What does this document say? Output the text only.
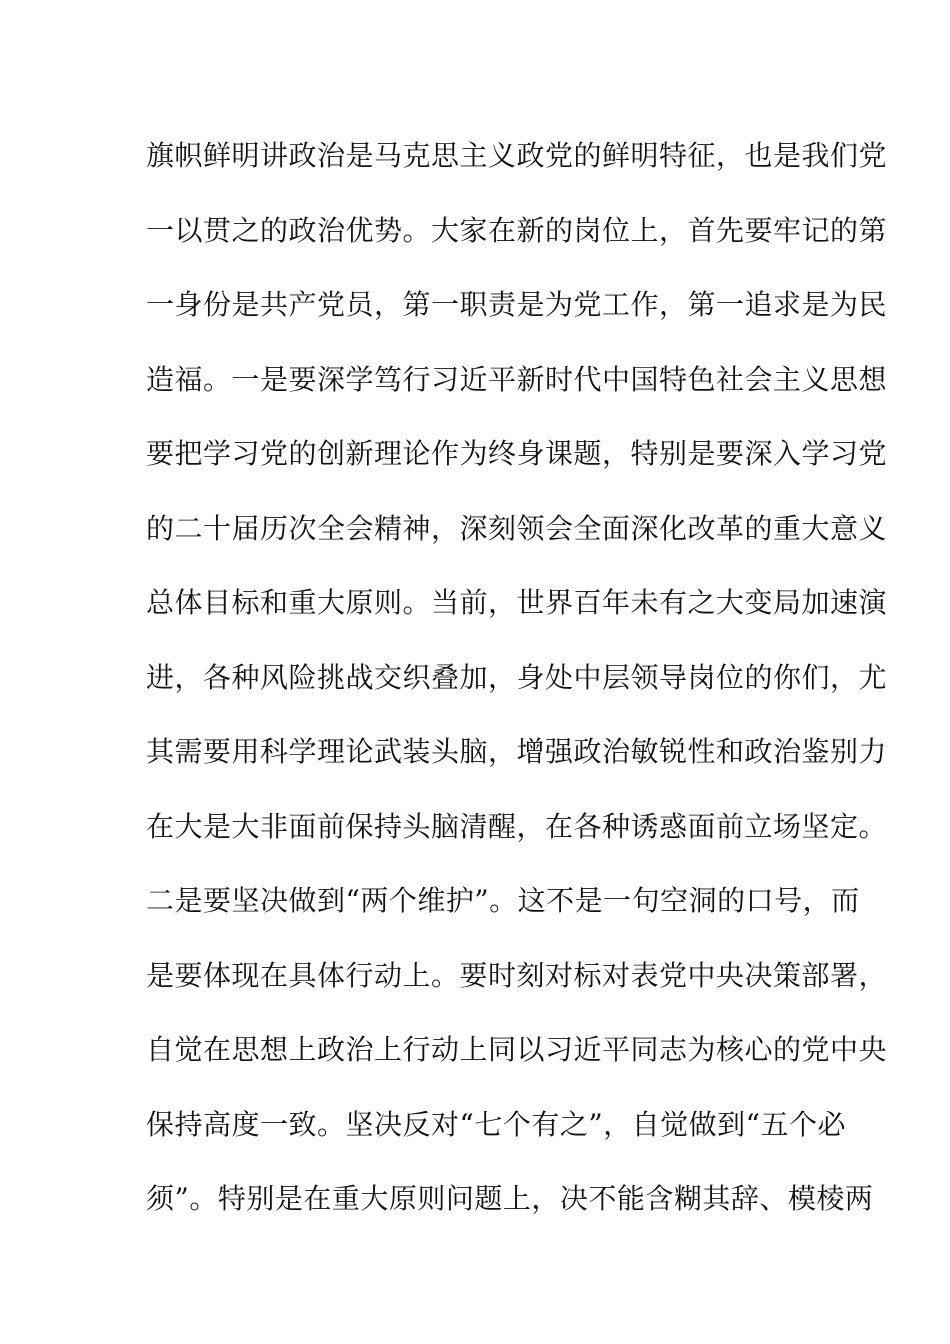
旗帜鲜明讲政治是马克思主义政党的鲜明特征，也是我们党
一以贯之的政治优势。大家在新的岗位上，首先要牢记的第
一身份是共产党员，第一职责是为党工作，第一追求是为民
造福。一是要深学笃行习近平新时代中国特色社会主义思想
要把学习党的创新理论作为终身课题，特别是要深入学习党
的二十届历次全会精神，深刻领会全面深化改革的重大意义
总体目标和重大原则。当前，世界百年未有之大变局加速演
进，各种风险挑战交织叠加，身处中层领导岗位的你们，尤
其需要用科学理论武装头脑，增强政治敏锐性和政治鉴别力
在大是大非面前保持头脑清醒，在各种诱惑面前立场坚定。
二是要坚决做到“两个维护”。这不是一句空洞的口号，而
是要体现在具体行动上。要时刻对标对表党中央决策部署，
自觉在思想上政治上行动上同以习近平同志为核心的党中央
保持高度一致。坚决反对“七个有之”，自觉做到“五个必
须”。特别是在重大原则问题上，决不能含糊其辞、模棱两
